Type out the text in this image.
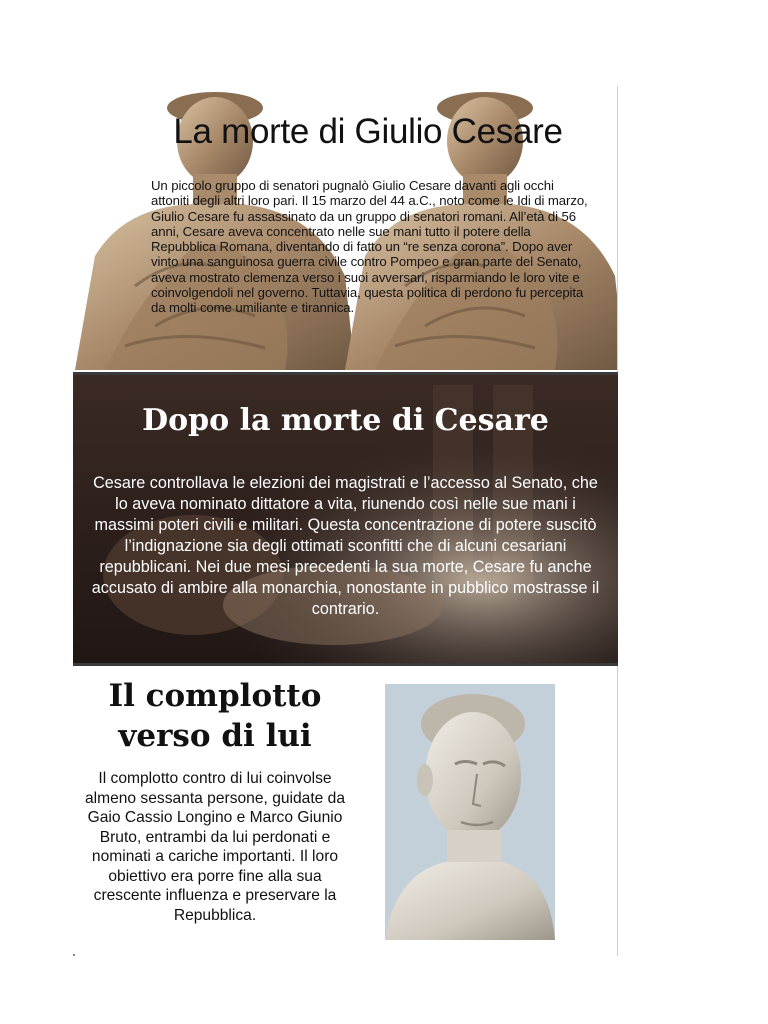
La morte di Giulio Cesare
Un piccolo gruppo di senatori pugnalò Giulio Cesare davanti agli occhi attoniti degli altri loro pari. Il 15 marzo del 44 a.C., noto come le Idi di marzo, Giulio Cesare fu assassinato da un gruppo di senatori romani. All’età di 56 anni, Cesare aveva concentrato nelle sue mani tutto il potere della Repubblica Romana, diventando di fatto un “re senza corona”. Dopo aver vinto una sanguinosa guerra civile contro Pompeo e gran parte del Senato, aveva mostrato clemenza verso i suoi avversari, risparmiando le loro vite e coinvolgendoli nel governo. Tuttavia, questa politica di perdono fu percepita da molti come umiliante e tirannica.
Dopo la morte di Cesare
Cesare controllava le elezioni dei magistrati e l’accesso al Senato, che lo aveva nominato dittatore a vita, riunendo così nelle sue mani i massimi poteri civili e militari. Questa concentrazione di potere suscitò l’indignazione sia degli ottimati sconfitti che di alcuni cesariani repubblicani. Nei due mesi precedenti la sua morte, Cesare fu anche accusato di ambire alla monarchia, nonostante in pubblico mostrasse il contrario.
Il complotto
verso di lui
Il complotto contro di lui coinvolse almeno sessanta persone, guidate da Gaio Cassio Longino e Marco Giunio Bruto, entrambi da lui perdonati e nominati a cariche importanti. Il loro obiettivo era porre fine alla sua crescente influenza e preservare la Repubblica.
